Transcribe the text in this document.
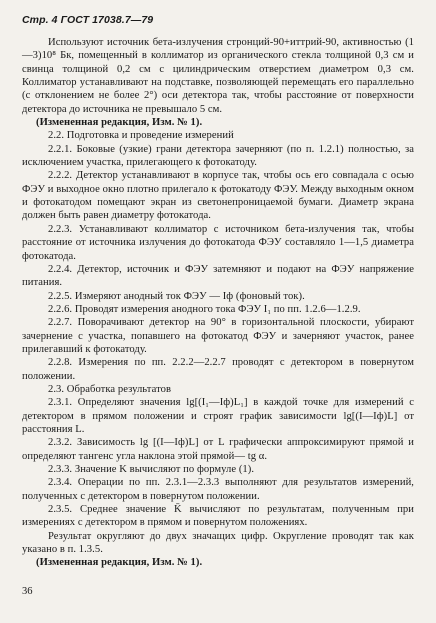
Стр. 4 ГОСТ 17038.7—79

Используют источник бета-излучения стронций-90+иттрий-90, активностью (1—3)10⁸ Бк, помещенный в коллиматор из органического стекла толщиной 0,3 см и свинца толщиной 0,2 см с цилиндрическим отверстием диаметром 0,3 см. Коллиматор устанавливают на подставке, позволяющей перемещать его параллельно (с отклонением не более 2°) оси детектора так, чтобы расстояние от поверхности детектора до источника не превышало 5 см.

(Измененная редакция, Изм. № 1).

2.2. Подготовка и проведение измерений

2.2.1. Боковые (узкие) грани детектора зачерняют (по п. 1.2.1) полностью, за исключением участка, прилегающего к фотокатоду.

2.2.2. Детектор устанавливают в корпусе так, чтобы ось его совпадала с осью ФЭУ и выходное окно плотно прилегало к фотокатоду ФЭУ. Между выходным окном и фотокатодом помещают экран из светонепроницаемой бумаги. Диаметр экрана должен быть равен диаметру фотокатода.

2.2.3. Устанавливают коллиматор с источником бета-излучения так, чтобы расстояние от источника излучения до фотокатода ФЭУ составляло 1—1,5 диаметра фотокатода.

2.2.4. Детектор, источник и ФЭУ затемняют и подают на ФЭУ напряжение питания.

2.2.5. Измеряют анодный ток ФЭУ — Iф (фоновый ток).

2.2.6. Проводят измерения анодного тока ФЭУ I₁ по пп. 1.2.6—1.2.9.

2.2.7. Поворачивают детектор на 90° в горизонтальной плоскости, убирают зачернение с участка, попавшего на фотокатод ФЭУ и зачерняют участок, ранее прилегавший к фотокатоду.

2.2.8. Измерения по пп. 2.2.2—2.2.7 проводят с детектором в повернутом положении.

2.3. Обработка результатов

2.3.1. Определяют значения lg[(I₁—Iф)L₁] в каждой точке для измерений с детектором в прямом положении и строят график зависимости lg[(I—Iф)L] от расстояния L.

2.3.2. Зависимость lg [(I—Iф)L] от L графически аппроксимируют прямой и определяют тангенс угла наклона этой прямой— tg α.

2.3.3. Значение K вычисляют по формуле (1).

2.3.4. Операции по пп. 2.3.1—2.3.3 выполняют для результатов измерений, полученных с детектором в повернутом положении.

2.3.5. Среднее значение K̄ вычисляют по результатам, полученным при измерениях с детектором в прямом и повернутом положениях.

Результат округляют до двух значащих цифр. Округление проводят так как указано в п. 1.3.5.

(Измененная редакция, Изм. № 1).

36
